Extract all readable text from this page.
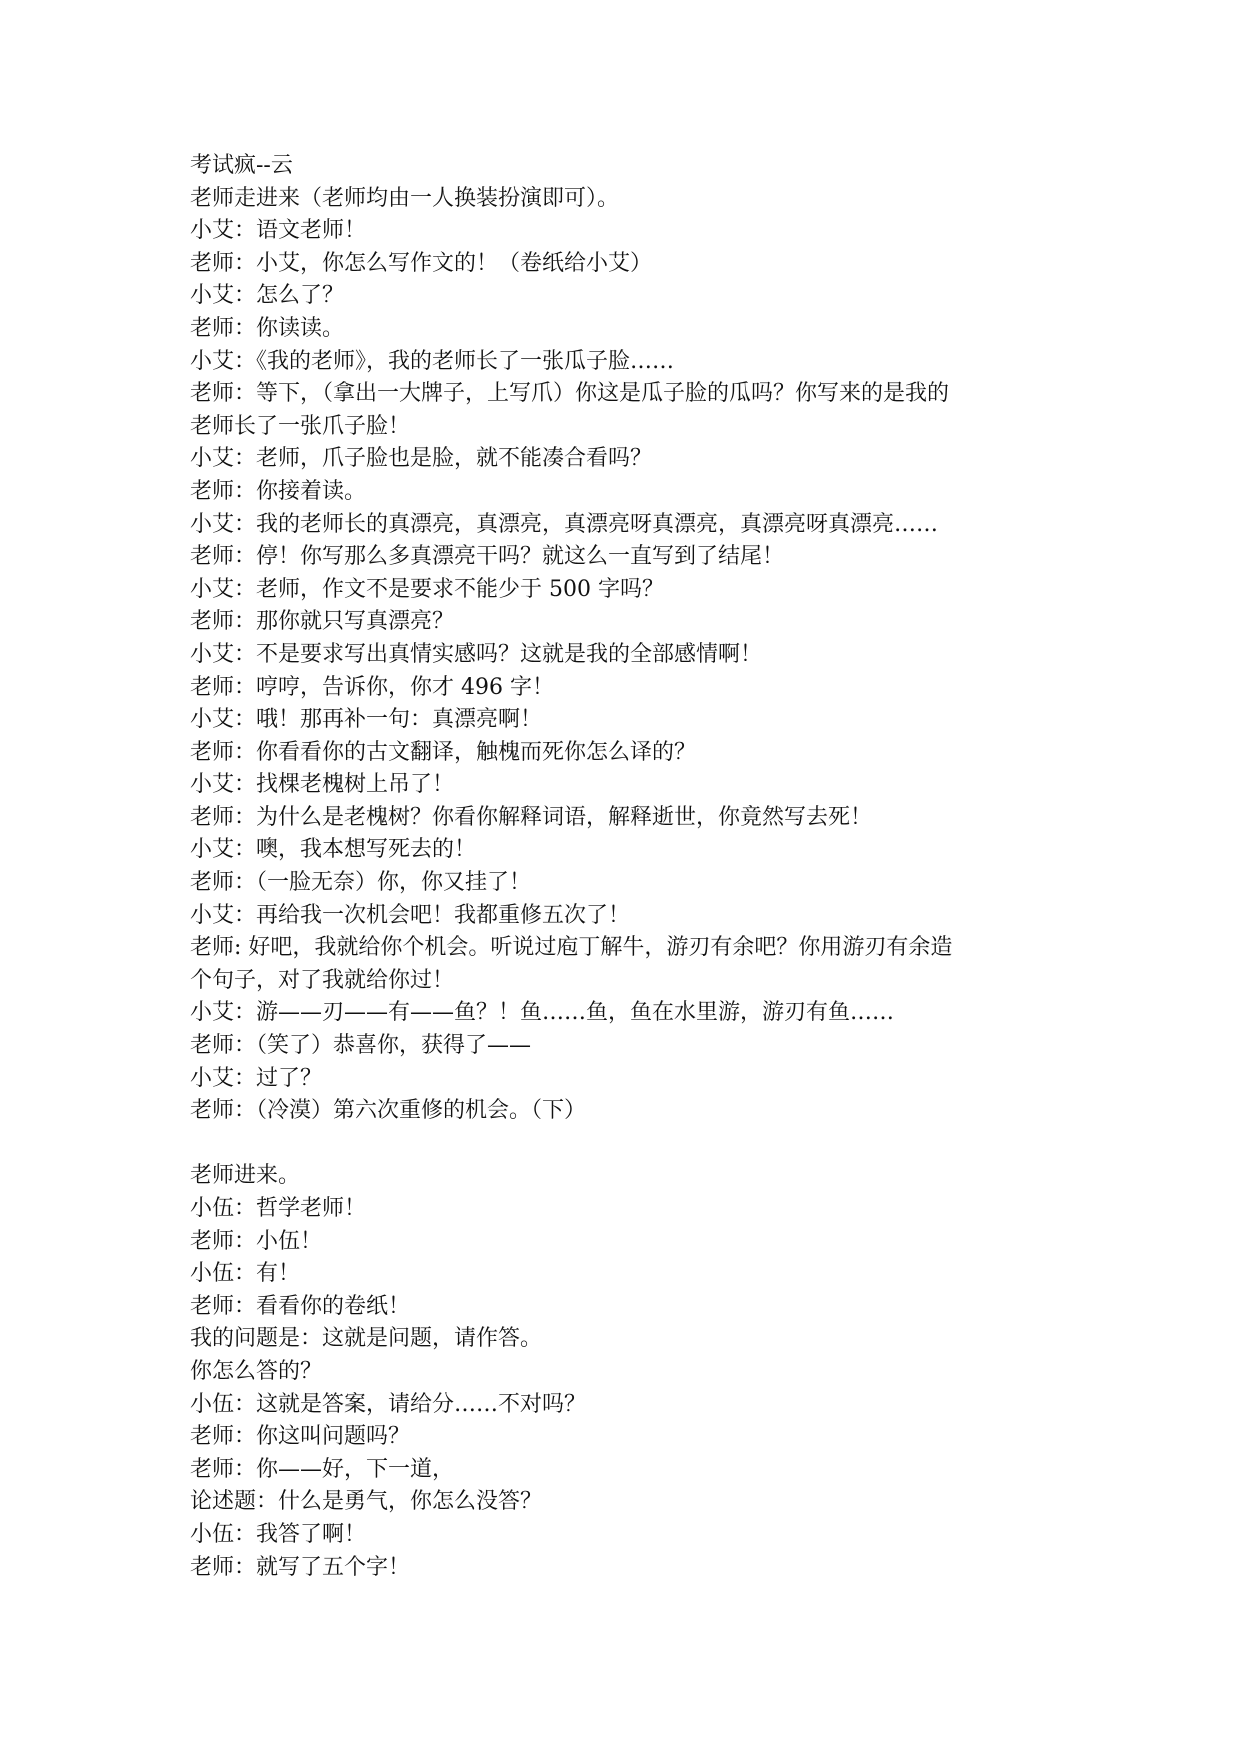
考试疯--云
老师走进来（老师均由一人换装扮演即可）。
小艾：语文老师！
老师：小艾，你怎么写作文的！（卷纸给小艾）
小艾：怎么了？
老师：你读读。
小艾：《我的老师》，我的老师长了一张瓜子脸……
老师：等下，（拿出一大牌子，上写爪）你这是瓜子脸的瓜吗？你写来的是我的
老师长了一张爪子脸！
小艾：老师，爪子脸也是脸，就不能凑合看吗？
老师：你接着读。
小艾：我的老师长的真漂亮，真漂亮，真漂亮呀真漂亮，真漂亮呀真漂亮……
老师：停！你写那么多真漂亮干吗？就这么一直写到了结尾！
小艾：老师，作文不是要求不能少于 500 字吗？
老师：那你就只写真漂亮？
小艾：不是要求写出真情实感吗？这就是我的全部感情啊！
老师：哼哼，告诉你，你才 496 字！
小艾：哦！那再补一句：真漂亮啊！
老师：你看看你的古文翻译，触槐而死你怎么译的？
小艾：找棵老槐树上吊了！
老师：为什么是老槐树？你看你解释词语，解释逝世，你竟然写去死！
小艾：噢，我本想写死去的！
老师：（一脸无奈）你，你又挂了！
小艾：再给我一次机会吧！我都重修五次了！
老师: 好吧，我就给你个机会。听说过庖丁解牛，游刃有余吧？你用游刃有余造
个句子，对了我就给你过！
小艾：游——刃——有——鱼？！鱼……鱼，鱼在水里游，游刃有鱼……
老师：（笑了）恭喜你，获得了——
小艾：过了？
老师：（冷漠）第六次重修的机会。（下）
老师进来。
小伍：哲学老师！
老师：小伍！
小伍：有！
老师：看看你的卷纸！
我的问题是：这就是问题，请作答。
你怎么答的？
小伍：这就是答案，请给分……不对吗？
老师：你这叫问题吗？
老师：你——好，下一道，
论述题：什么是勇气，你怎么没答？
小伍：我答了啊！
老师：就写了五个字！
